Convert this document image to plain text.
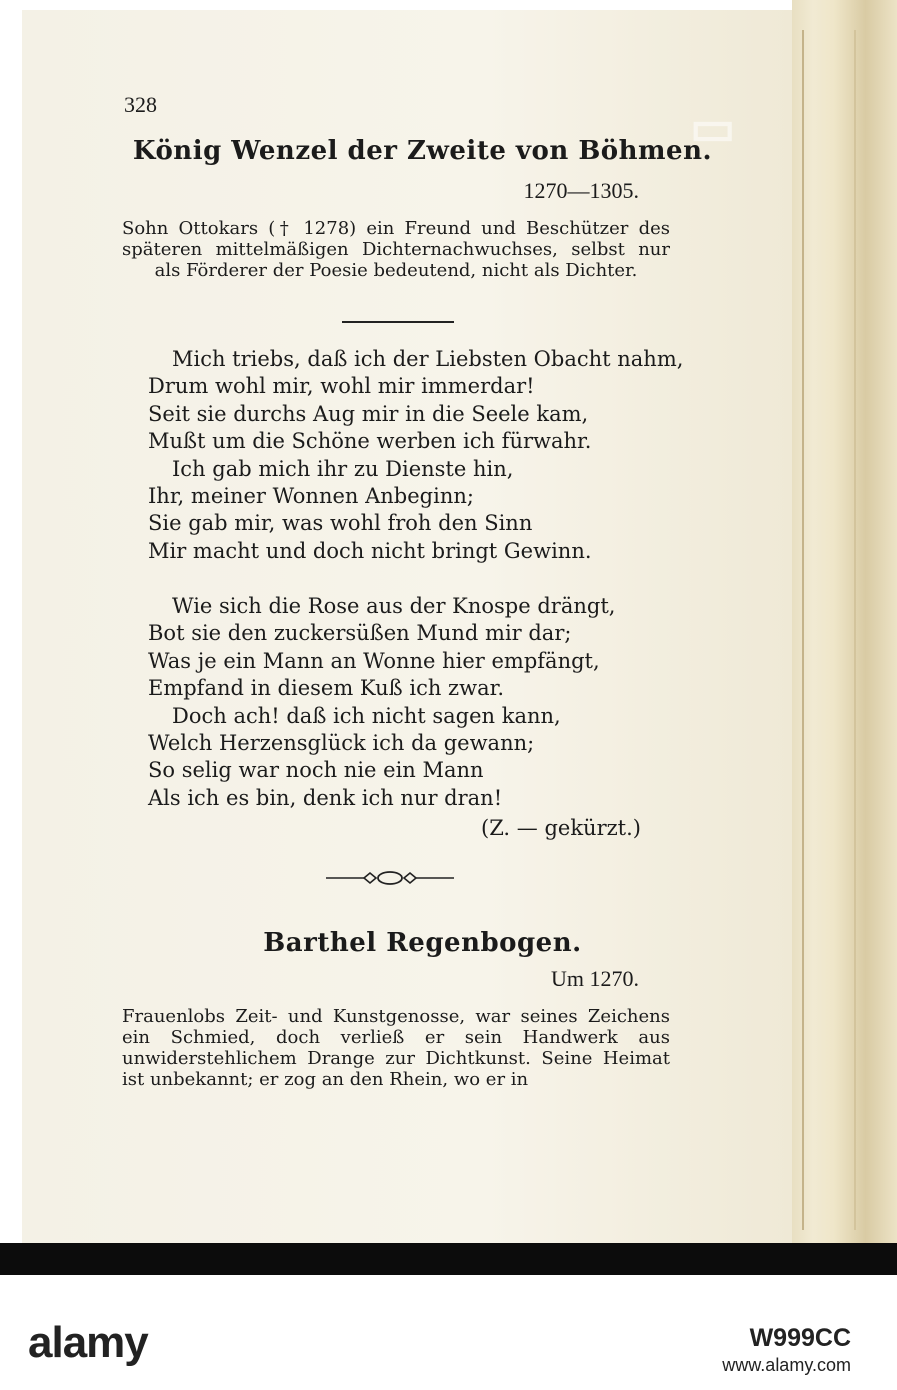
328
König Wenzel der Zweite von Böhmen.
1270—1305.
Sohn Ottokars († 1278) ein Freund und Beschützer des späteren mittelmäßigen Dichternachwuchses, selbst nur als Förderer der Poesie bedeutend, nicht als Dichter.
Mich triebs, daß ich der Liebsten Obacht nahm,
Drum wohl mir, wohl mir immerdar!
Seit sie durchs Aug mir in die Seele kam,
Mußt um die Schöne werben ich fürwahr.
Ich gab mich ihr zu Dienste hin,
Ihr, meiner Wonnen Anbeginn;
Sie gab mir, was wohl froh den Sinn
Mir macht und doch nicht bringt Gewinn.
Wie sich die Rose aus der Knospe drängt,
Bot sie den zuckersüßen Mund mir dar;
Was je ein Mann an Wonne hier empfängt,
Empfand in diesem Kuß ich zwar.
Doch ach! daß ich nicht sagen kann,
Welch Herzensglück ich da gewann;
So selig war noch nie ein Mann
Als ich es bin, denk ich nur dran!
(Z. — gekürzt.)
Barthel Regenbogen.
Um 1270.
Frauenlobs Zeit- und Kunstgenosse, war seines Zeichens ein Schmied, doch verließ er sein Handwerk aus unwiderstehlichem Drange zur Dichtkunst. Seine Heimat ist unbekannt; er zog an den Rhein, wo er in
▭
alamy	W999CC
www.alamy.com
